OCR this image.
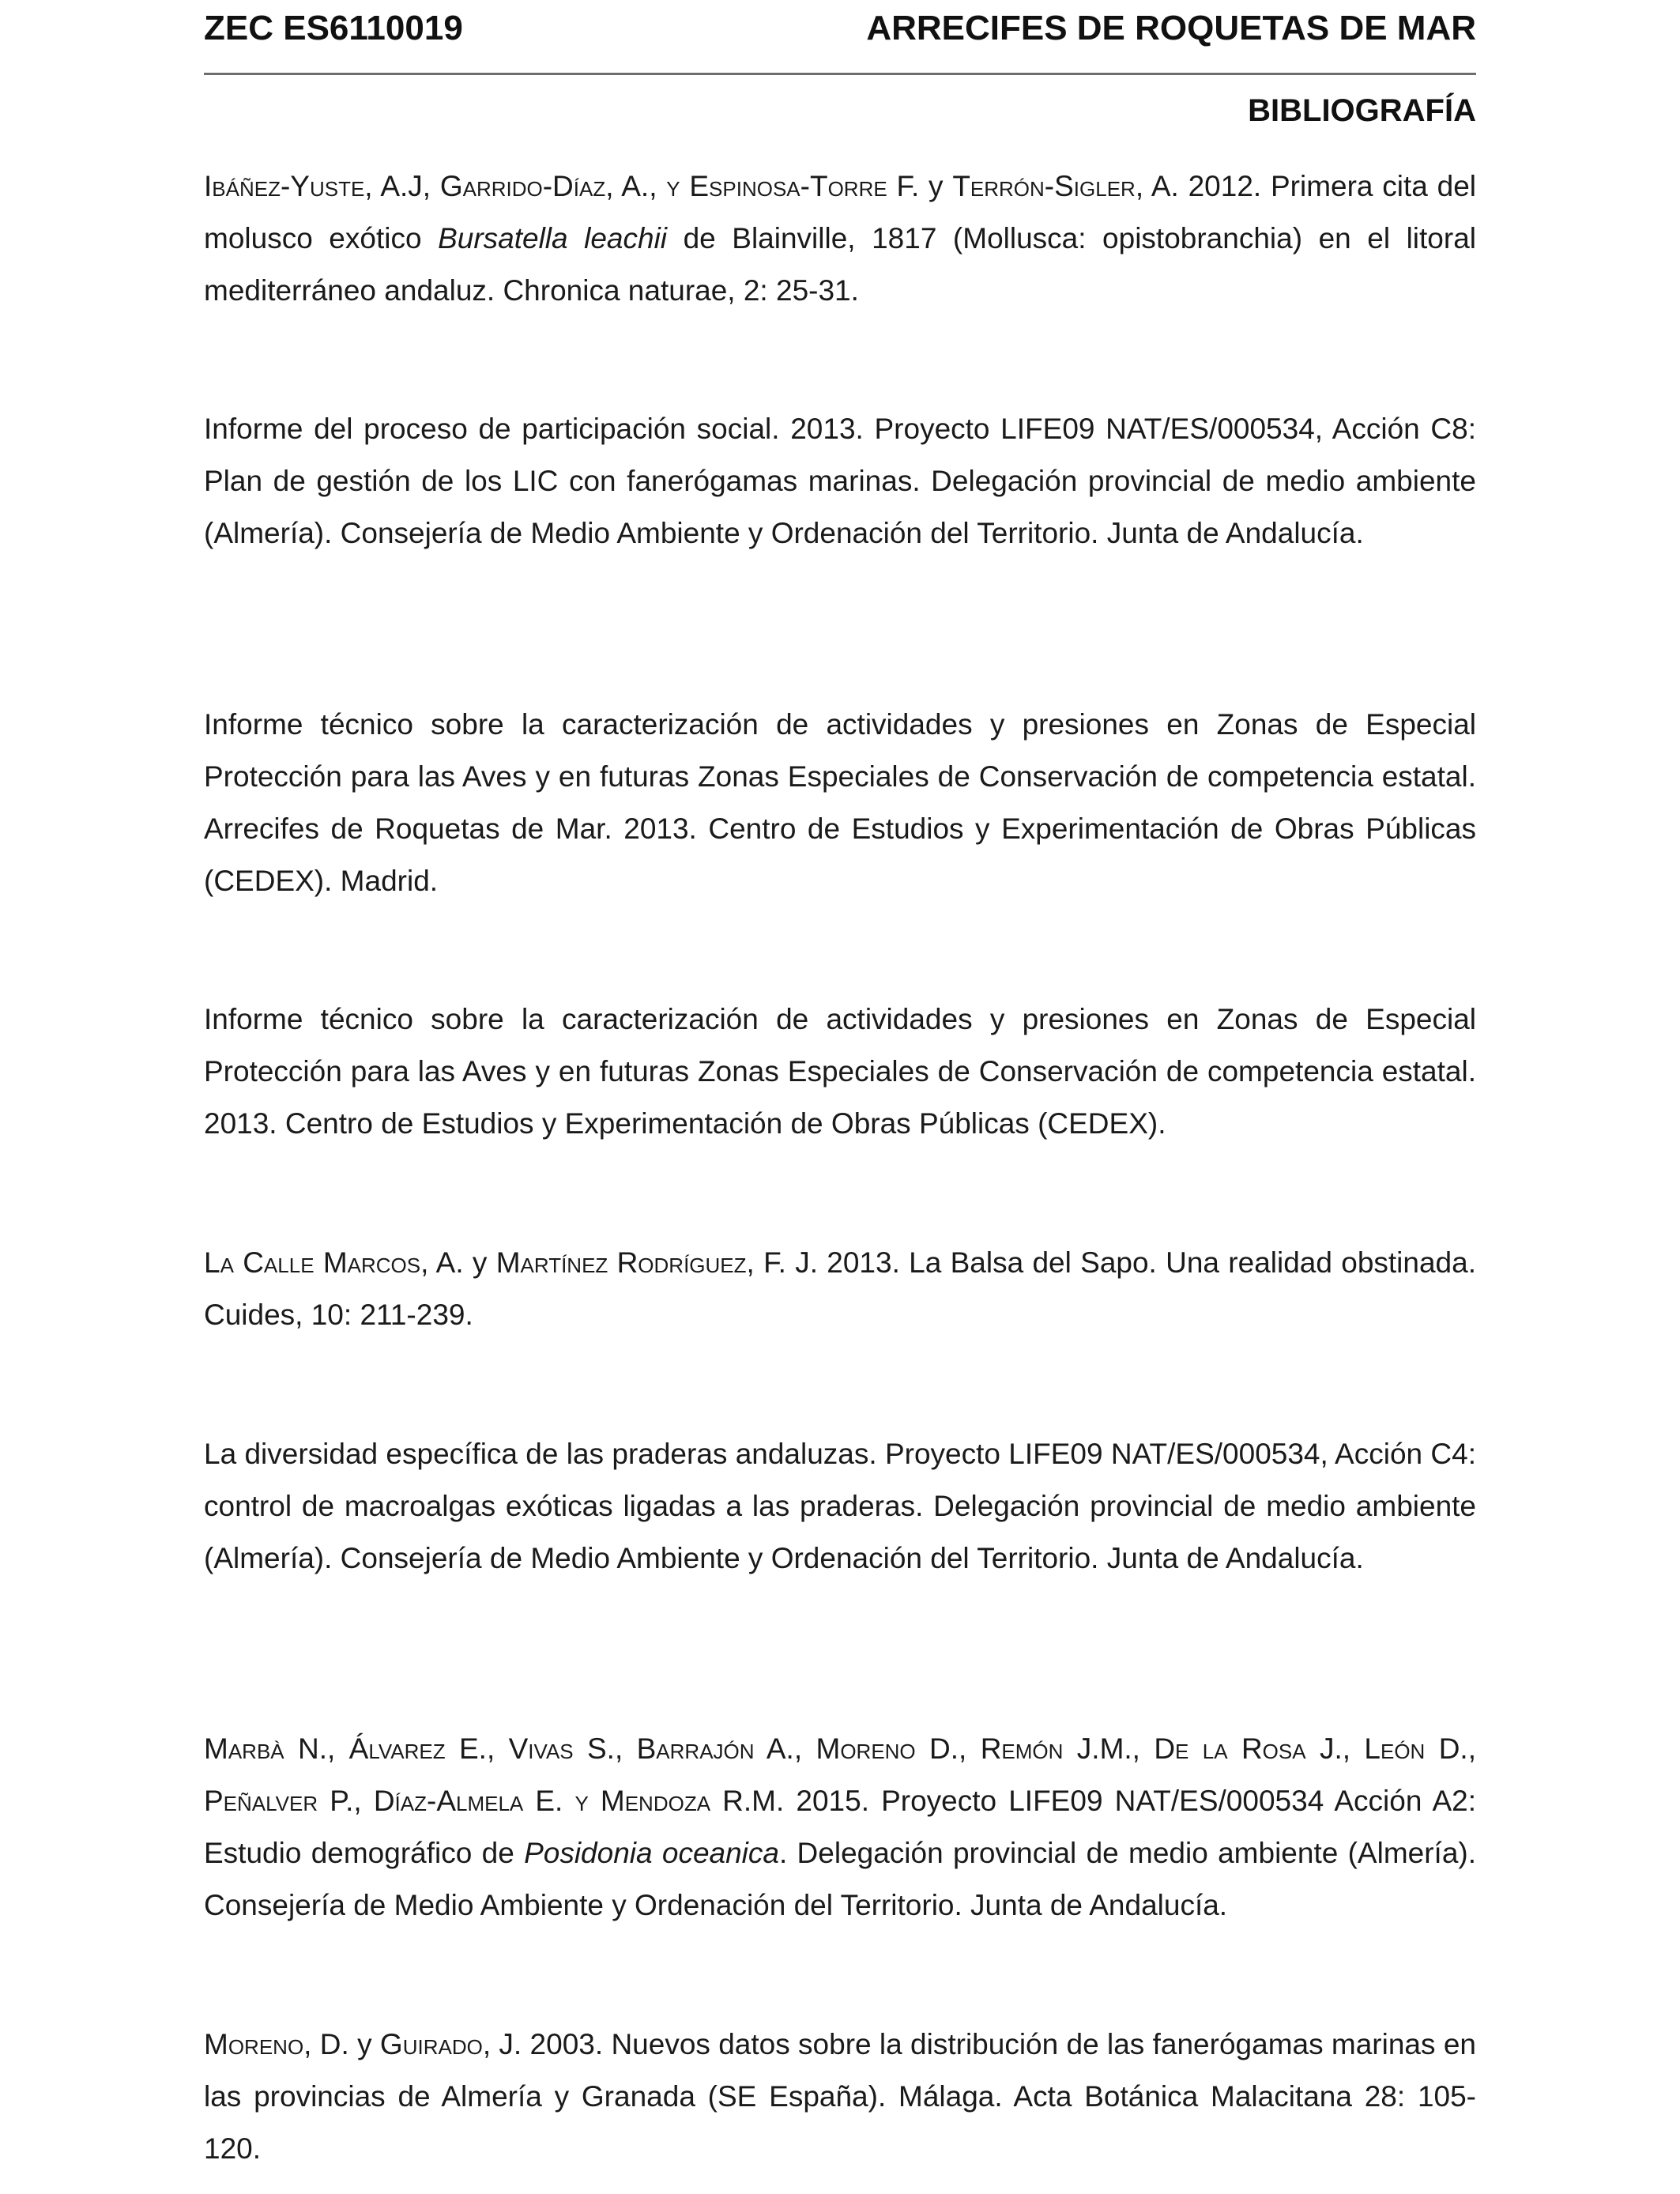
ZEC ES6110019	ARRECIFES DE ROQUETAS DE MAR
BIBLIOGRAFÍA

Ibáñez-Yuste, A.J, Garrido-Díaz, A., y Espinosa-Torre F. y Terrón-Sigler, A. 2012. Primera cita del molusco exótico Bursatella leachii de Blainville, 1817 (Mollusca: opistobranchia) en el litoral mediterráneo andaluz. Chronica naturae, 2: 25-31.

Informe del proceso de participación social. 2013. Proyecto LIFE09 NAT/ES/000534, Acción C8: Plan de gestión de los LIC con fanerógamas marinas. Delegación provincial de medio ambiente (Almería). Consejería de Medio Ambiente y Ordenación del Territorio. Junta de Andalucía.

Informe técnico sobre la caracterización de actividades y presiones en Zonas de Especial Protección para las Aves y en futuras Zonas Especiales de Conservación de competencia estatal. Arrecifes de Roquetas de Mar. 2013. Centro de Estudios y Experimentación de Obras Públicas (CEDEX). Madrid.

Informe técnico sobre la caracterización de actividades y presiones en Zonas de Especial Protección para las Aves y en futuras Zonas Especiales de Conservación de competencia estatal. 2013. Centro de Estudios y Experimentación de Obras Públicas (CEDEX).

La Calle Marcos, A. y Martínez Rodríguez, F. J. 2013. La Balsa del Sapo. Una realidad obstinada. Cuides, 10: 211-239.

La diversidad específica de las praderas andaluzas. Proyecto LIFE09 NAT/ES/000534, Acción C4: control de macroalgas exóticas ligadas a las praderas. Delegación provincial de medio ambiente (Almería). Consejería de Medio Ambiente y Ordenación del Territorio. Junta de Andalucía.

Marbà N., Álvarez E., Vivas S., Barrajón A., Moreno D., Remón J.M., De la Rosa J., León D., Peñalver P., Díaz-Almela E. y Mendoza R.M. 2015. Proyecto LIFE09 NAT/ES/000534 Acción A2: Estudio demográfico de Posidonia oceanica. Delegación provincial de medio ambiente (Almería). Consejería de Medio Ambiente y Ordenación del Territorio. Junta de Andalucía.

Moreno, D. y Guirado, J. 2003. Nuevos datos sobre la distribución de las fanerógamas marinas en las provincias de Almería y Granada (SE España). Málaga. Acta Botánica Malacitana 28: 105-120.
